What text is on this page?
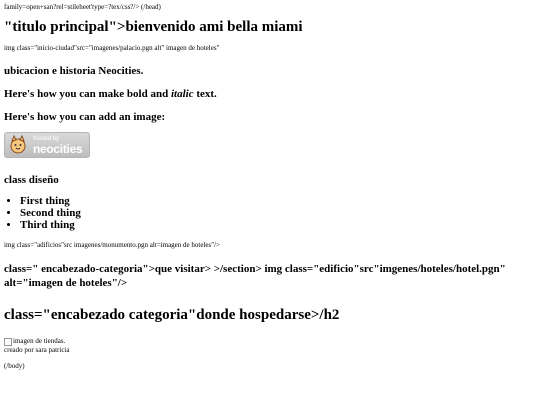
family=open+san?rel=stileheet'type=?tex/css?/> (/head)

"titulo principal">bienvenido ami bella miami

img class="inicio-ciudad"src="imagenes/palacio.pgn alt" imagen de hoteles"

ubicacion e historia Neocities.
Here's how you can make bold and italic text.
Here's how you can add an image:
hosted by
neocities
class diseño
• First thing
• Second thing
• Third thing

img class="adificios"src imagenes/monumento.pgn alt=imagen de hoteles"/>

class=" encabezado-categoria">que visitar> >/section> img class="edificio"src"imgenes/hoteles/hotel.pgn" alt="imagen de hoteles"/>
class="encabezado categoria"donde hospedarse>/h2
imagen de tiendas.

creado por sara patricia

(/body)
